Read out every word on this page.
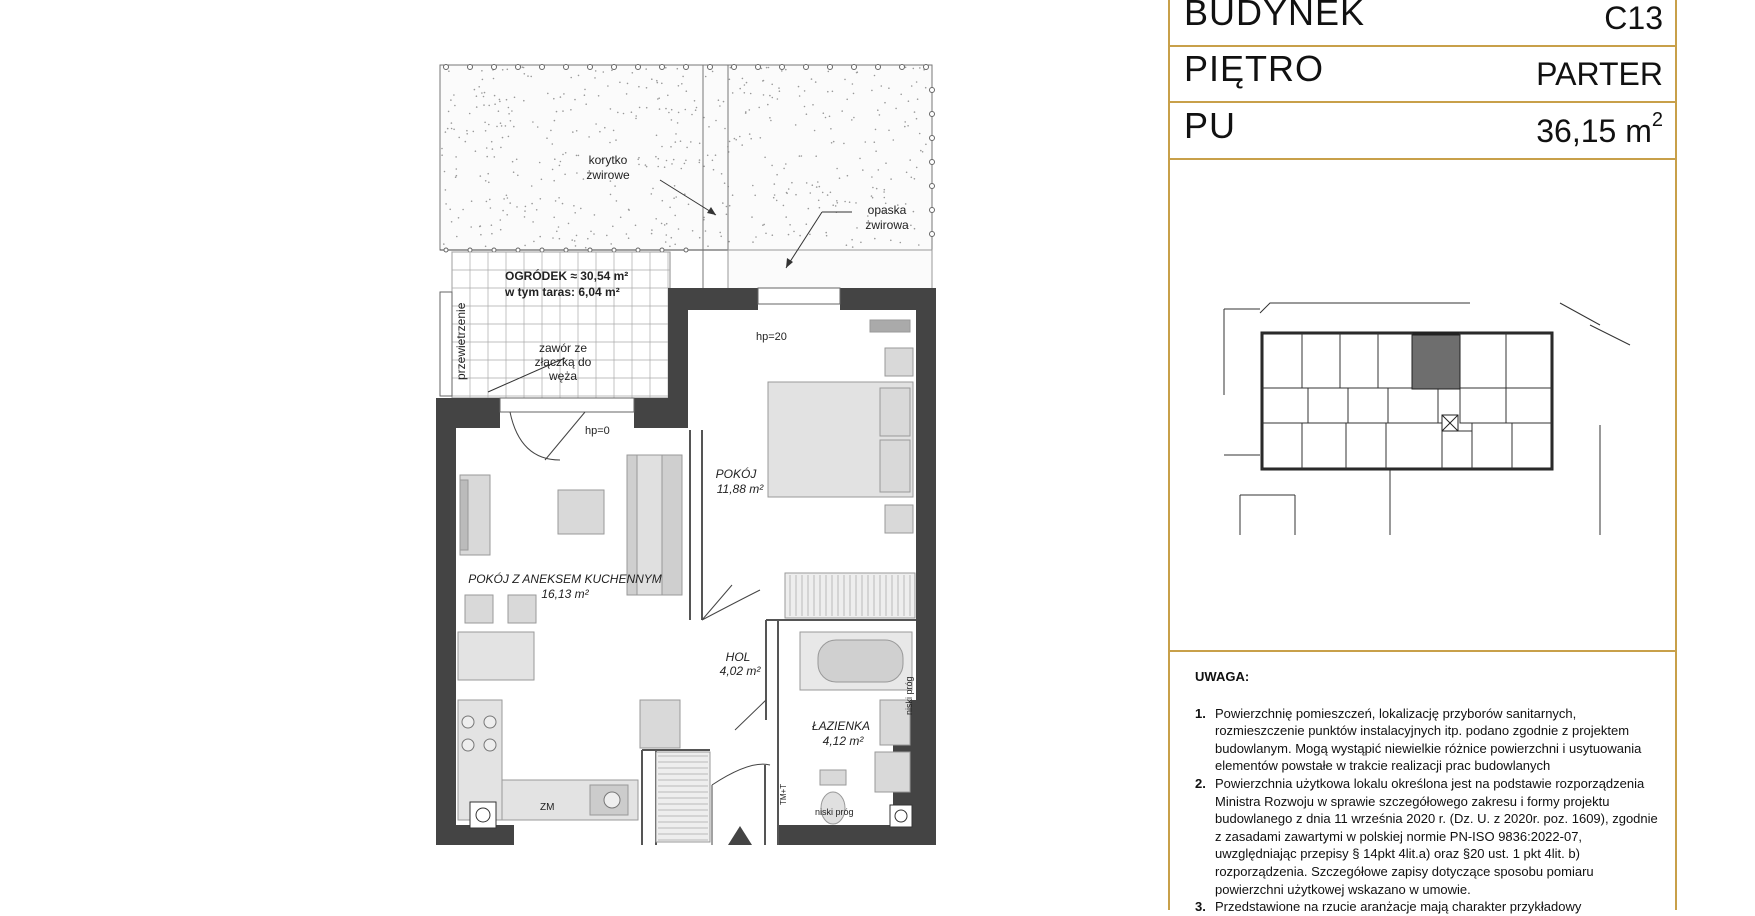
korytko
żwirowe
opaska
żwirowa
OGRÓDEK ≈ 30,54 m²
w tym taras: 6,04 m²
przewietrzenie	zawór ze
złączką do
węża
hp=20
hp=0
POKÓJ
11,88 m²
POKÓJ Z ANEKSEM KUCHENNYM
16,13 m²
HOL
4,02 m²
ŁAZIENKA
4,12 m²
niski próg
niski próg
ZM
TM+T
BUDYNEK	C13
PIĘTRO	PARTER
PU	36,15 $m^2$
UWAGA:
1. Powierzchnię pomieszczeń, lokalizację przyborów sanitarnych, rozmieszczenie punktów instalacyjnych itp. podano zgodnie z projektem budowlanym. Mogą wystąpić niewielkie różnice powierzchni i usytuowania elementów powstałe w trakcie realizacji prac budowlanych
2. Powierzchnia użytkowa lokalu określona jest na podstawie rozporządzenia Ministra Rozwoju w sprawie szczegółowego zakresu i formy projektu budowlanego z dnia 11 września 2020 r. (Dz. U. z 2020r. poz. 1609), zgodnie z zasadami zawartymi w polskiej normie PN-ISO 9836:2022-07, uwzględniając przepisy § 14pkt 4lit.a) oraz §20 ust. 1 pkt 4lit. b) rozporządzenia. Szczegółowe zapisy dotyczące sposobu pomiaru powierzchni użytkowej wskazano w umowie.
3. Przedstawione na rzucie aranżacje mają charakter przykładowy
